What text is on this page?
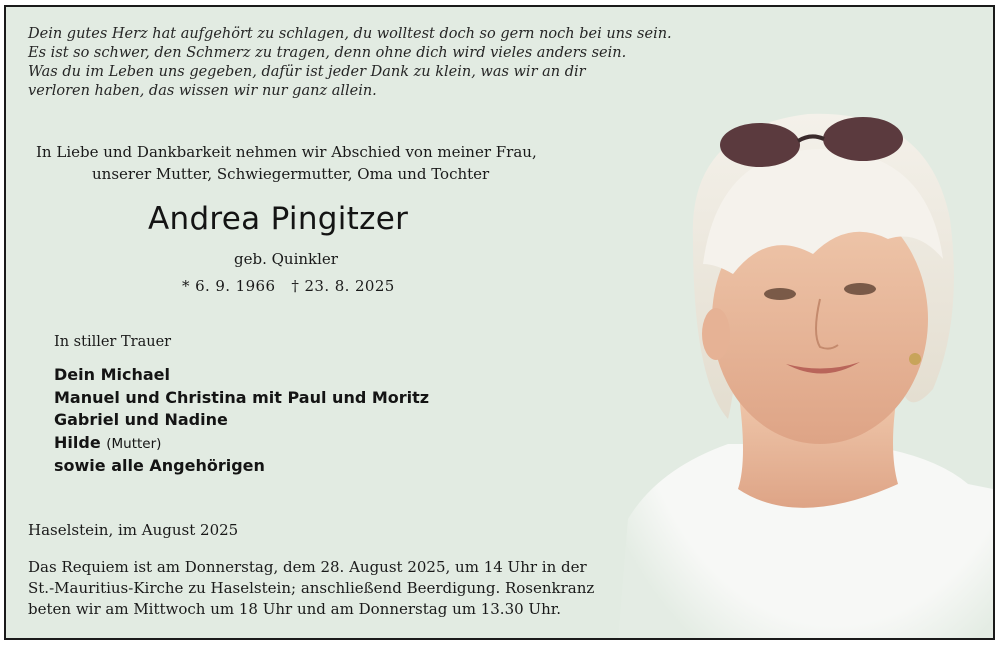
Dein gutes Herz hat aufgehört zu schlagen, du wolltest doch so gern noch bei uns sein.
Es ist so schwer, den Schmerz zu tragen, denn ohne dich wird vieles anders sein.
Was du im Leben uns gegeben, dafür ist jeder Dank zu klein, was wir an dir
verloren haben, das wissen wir nur ganz allein.
In Liebe und Dankbarkeit nehmen wir Abschied von meiner Frau,
unserer Mutter, Schwiegermutter, Oma und Tochter
Andrea Pingitzer
geb. Quinkler
* 6. 9. 1966 † 23. 8. 2025
In stiller Trauer
Dein Michael
Manuel und Christina mit Paul und Moritz
Gabriel und Nadine
Hilde (Mutter)
sowie alle Angehörigen
Haselstein, im August 2025
Das Requiem ist am Donnerstag, dem 28. August 2025, um 14 Uhr in der
St.-Mauritius-Kirche zu Haselstein; anschließend Beerdigung. Rosenkranz
beten wir am Mittwoch um 18 Uhr und am Donnerstag um 13.30 Uhr.
